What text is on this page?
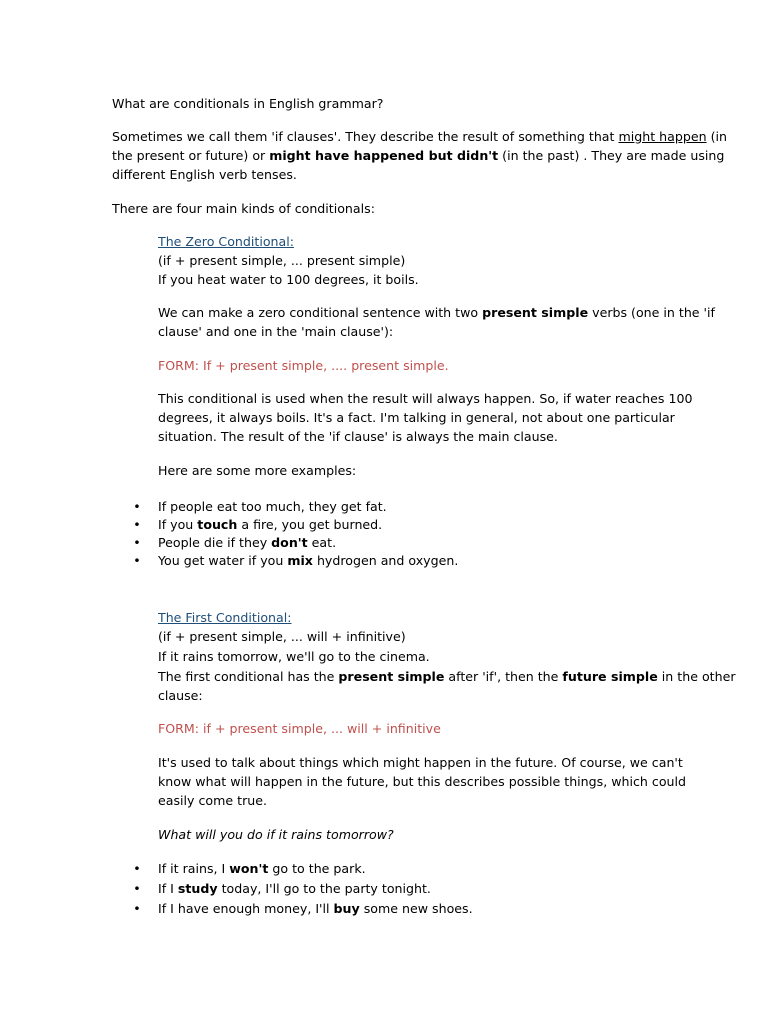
What are conditionals in English grammar?

Sometimes we call them 'if clauses'. They describe the result of something that might happen (in
the present or future) or might have happened but didn't (in the past) . They are made using
different English verb tenses.

There are four main kinds of conditionals:

The Zero Conditional:

(if + present simple, ... present simple)

If you heat water to 100 degrees, it boils.

We can make a zero conditional sentence with two present simple verbs (one in the 'if
clause' and one in the 'main clause'):

FORM: If + present simple, .... present simple.

This conditional is used when the result will always happen. So, if water reaches 100
degrees, it always boils. It's a fact. I'm talking in general, not about one particular
situation. The result of the 'if clause' is always the main clause.

Here are some more examples:

• If people eat too much, they get fat.
• If you touch a fire, you get burned.
• People die if they don't eat.
• You get water if you mix hydrogen and oxygen.

The First Conditional:

(if + present simple, ... will + infinitive)

If it rains tomorrow, we'll go to the cinema.

The first conditional has the present simple after 'if', then the future simple in the other
clause:

FORM: if + present simple, ... will + infinitive

It's used to talk about things which might happen in the future. Of course, we can't
know what will happen in the future, but this describes possible things, which could
easily come true.

What will you do if it rains tomorrow?

• If it rains, I won't go to the park.
• If I study today, I'll go to the party tonight.
• If I have enough money, I'll buy some new shoes.
